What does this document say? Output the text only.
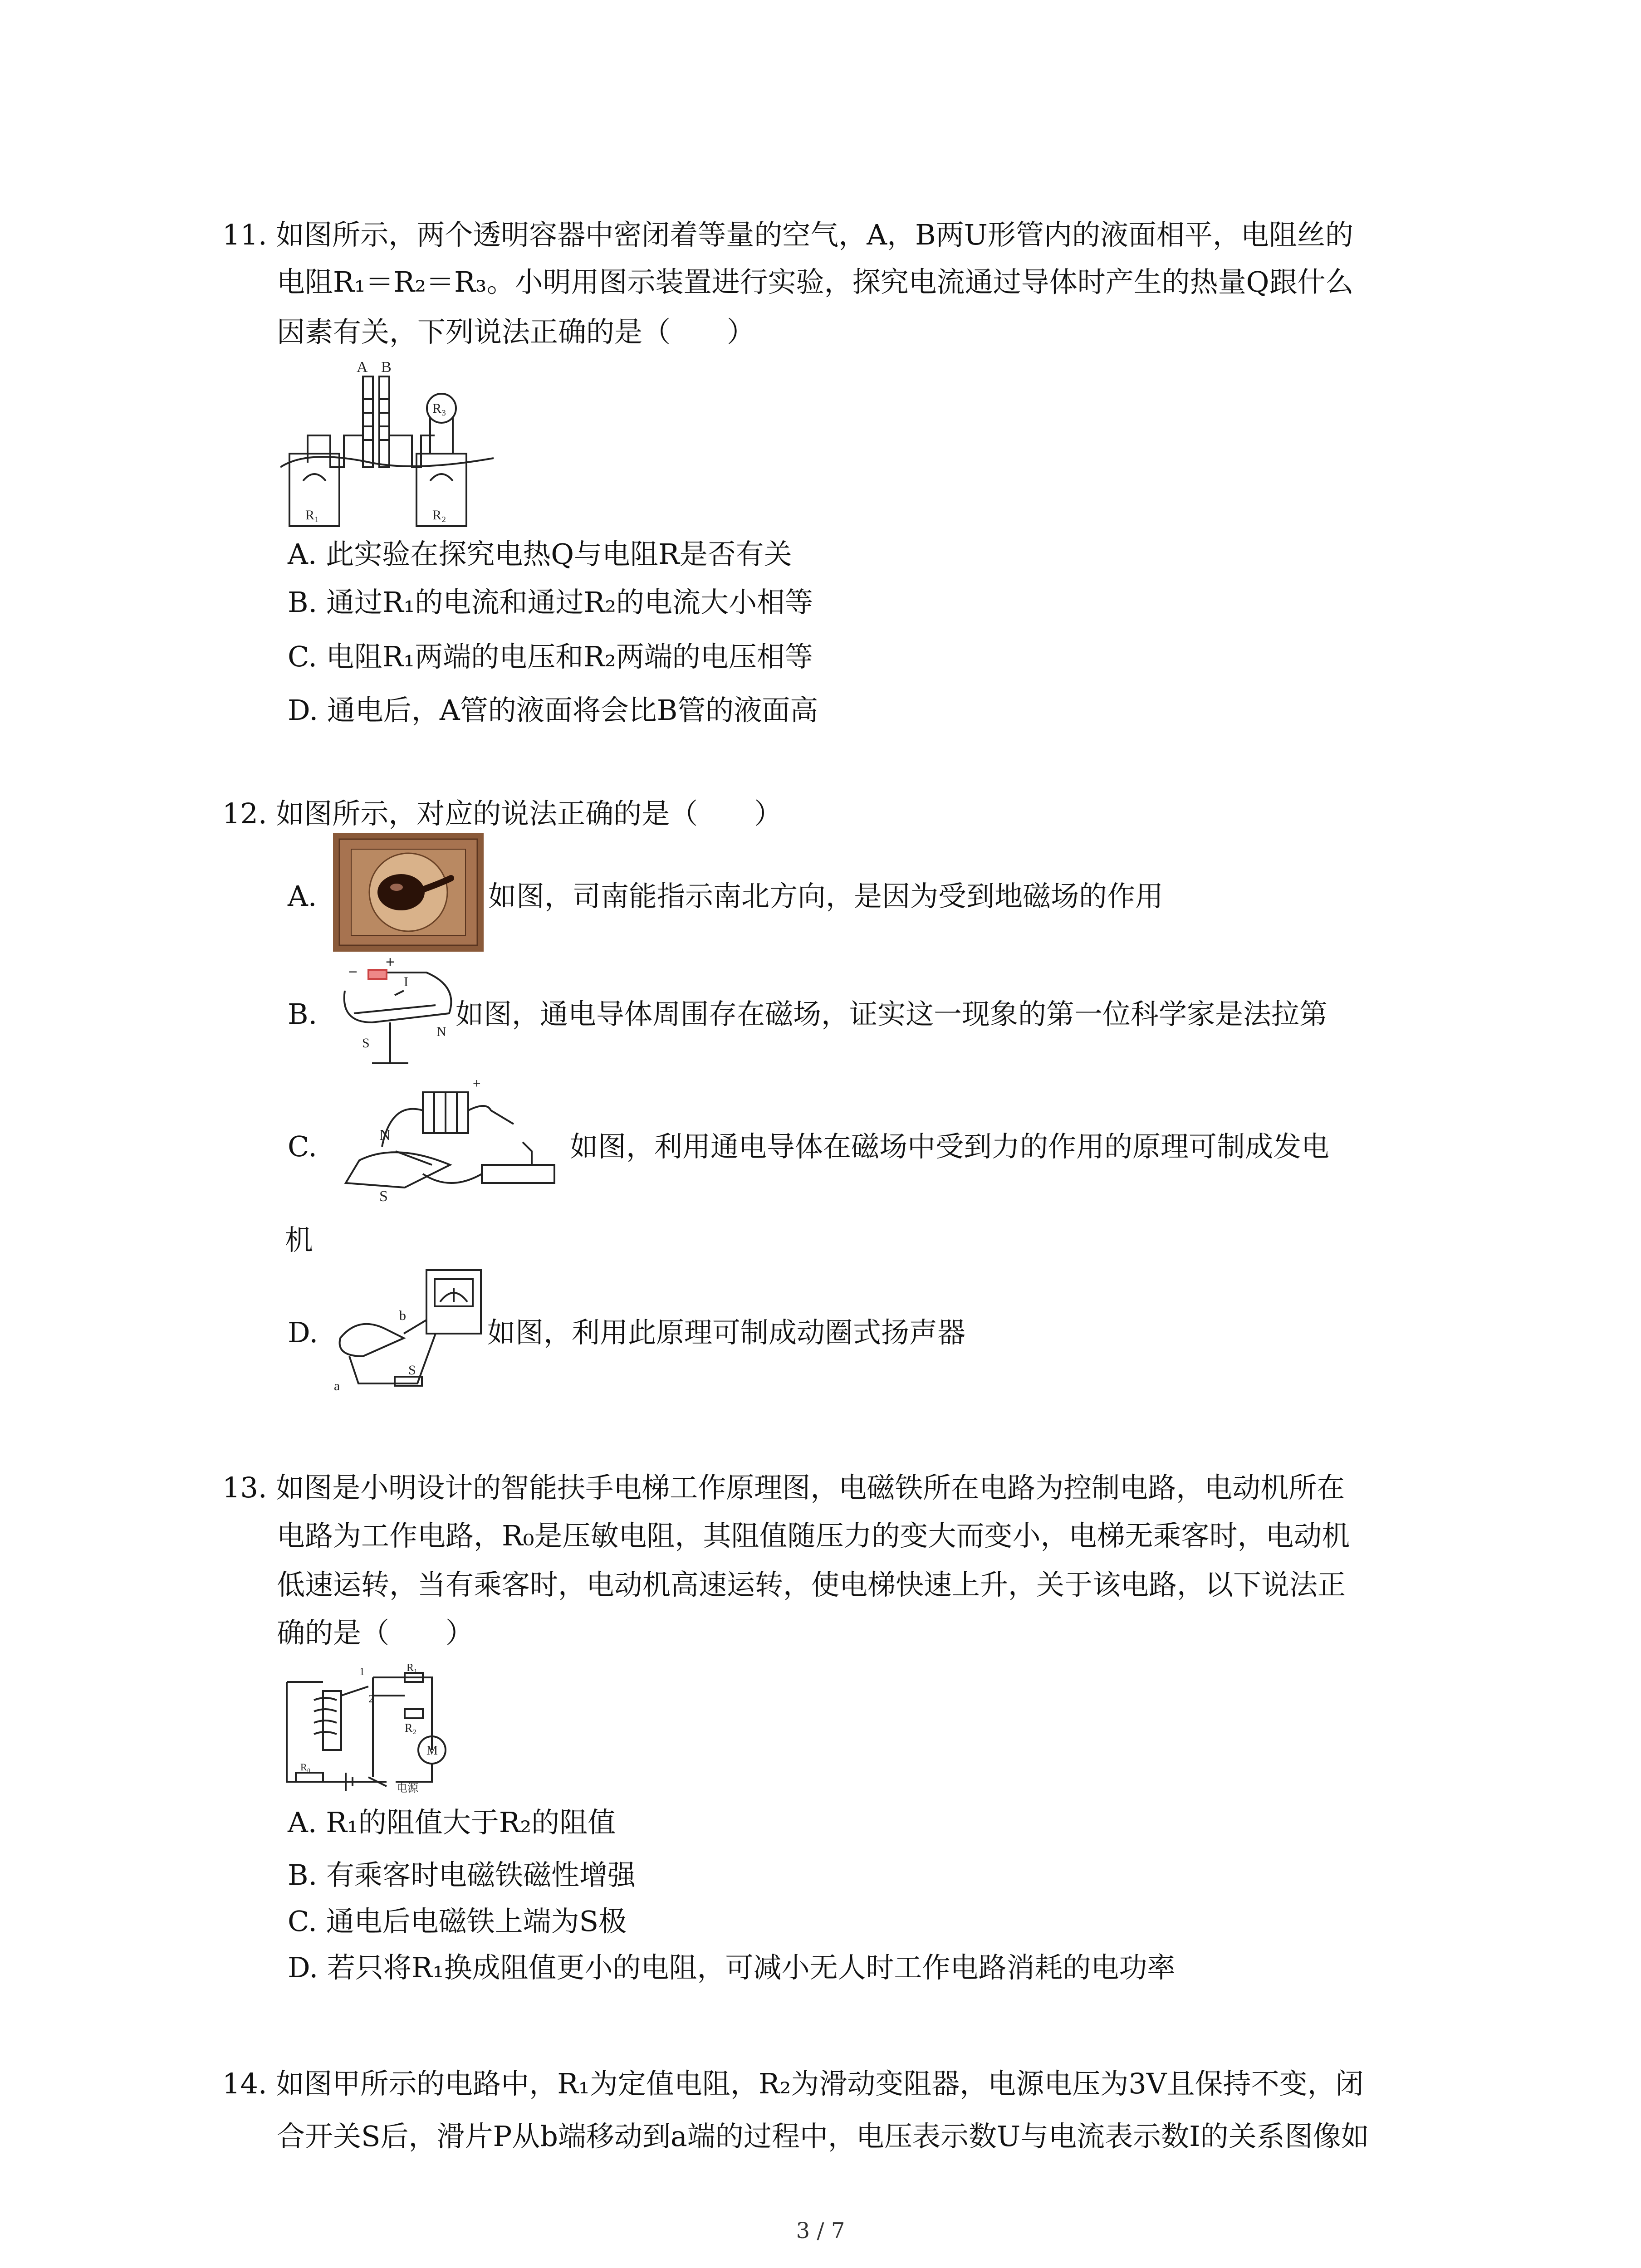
11. 如图所示，两个透明容器中密闭着等量的空气，A，B两U形管内的液面相平，电阻丝的
电阻R₁＝R₂＝R₃。小明用图示装置进行实验，探究电流通过导体时产生的热量Q跟什么
因素有关，下列说法正确的是（　　）
A B
R₃
R₁	R₂
A. 此实验在探究电热Q与电阻R是否有关
B. 通过R₁的电流和通过R₂的电流大小相等
C. 电阻R₁两端的电压和R₂两端的电压相等
D. 通电后，A管的液面将会比B管的液面高
12. 如图所示，对应的说法正确的是（　　）
A.	如图，司南能指示南北方向，是因为受到地磁场的作用
B.
−
+
I
S
N
如图，通电导体周围存在磁场，证实这一现象的第一位科学家是法拉第
C.
+
N
S
如图，利用通电导体在磁场中受到力的作用的原理可制成发电
机
D.
b
a
S
如图，利用此原理可制成动圈式扬声器
13. 如图是小明设计的智能扶手电梯工作原理图，电磁铁所在电路为控制电路，电动机所在
电路为工作电路，R₀是压敏电阻，其阻值随压力的变大而变小，电梯无乘客时，电动机
低速运转，当有乘客时，电动机高速运转，使电梯快速上升，关于该电路，以下说法正
确的是（　　）
1
2
R₁
R₂
M
R₀
电源
A. R₁的阻值大于R₂的阻值
B. 有乘客时电磁铁磁性增强
C. 通电后电磁铁上端为S极
D. 若只将R₁换成阻值更小的电阻，可减小无人时工作电路消耗的电功率
14. 如图甲所示的电路中，R₁为定值电阻，R₂为滑动变阻器，电源电压为3V且保持不变，闭
合开关S后，滑片P从b端移动到a端的过程中，电压表示数U与电流表示数I的关系图像如
3 / 7
